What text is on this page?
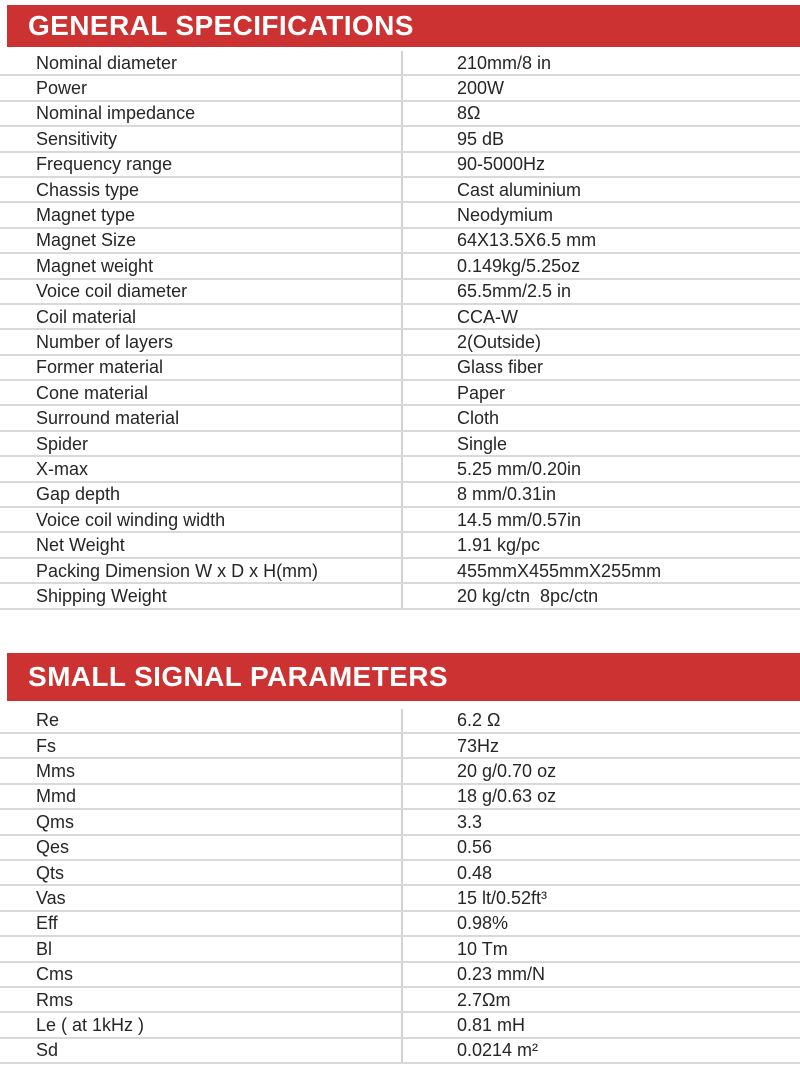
GENERAL SPECIFICATIONS
Nominal diameter	210mm/8 in
Power	200W
Nominal impedance	8Ω
Sensitivity	95 dB
Frequency range	90-5000Hz
Chassis type	Cast aluminium
Magnet type	Neodymium
Magnet Size	64X13.5X6.5 mm
Magnet weight	0.149kg/5.25oz
Voice coil diameter	65.5mm/2.5 in
Coil material	CCA-W
Number of layers	2(Outside)
Former material	Glass fiber
Cone material	Paper
Surround material	Cloth
Spider	Single
X-max	5.25 mm/0.20in
Gap depth	8 mm/0.31in
Voice coil winding width	14.5 mm/0.57in
Net Weight	1.91 kg/pc
Packing Dimension W x D x H(mm)	455mmX455mmX255mm
Shipping Weight	20 kg/ctn  8pc/ctn
SMALL SIGNAL PARAMETERS
Re	6.2 Ω
Fs	73Hz
Mms	20 g/0.70 oz
Mmd	18 g/0.63 oz
Qms	3.3
Qes	0.56
Qts	0.48
Vas	15 lt/0.52ft³
Eff	0.98%
Bl	10 Tm
Cms	0.23 mm/N
Rms	2.7Ωm
Le ( at 1kHz )	0.81 mH
Sd	0.0214 m²
